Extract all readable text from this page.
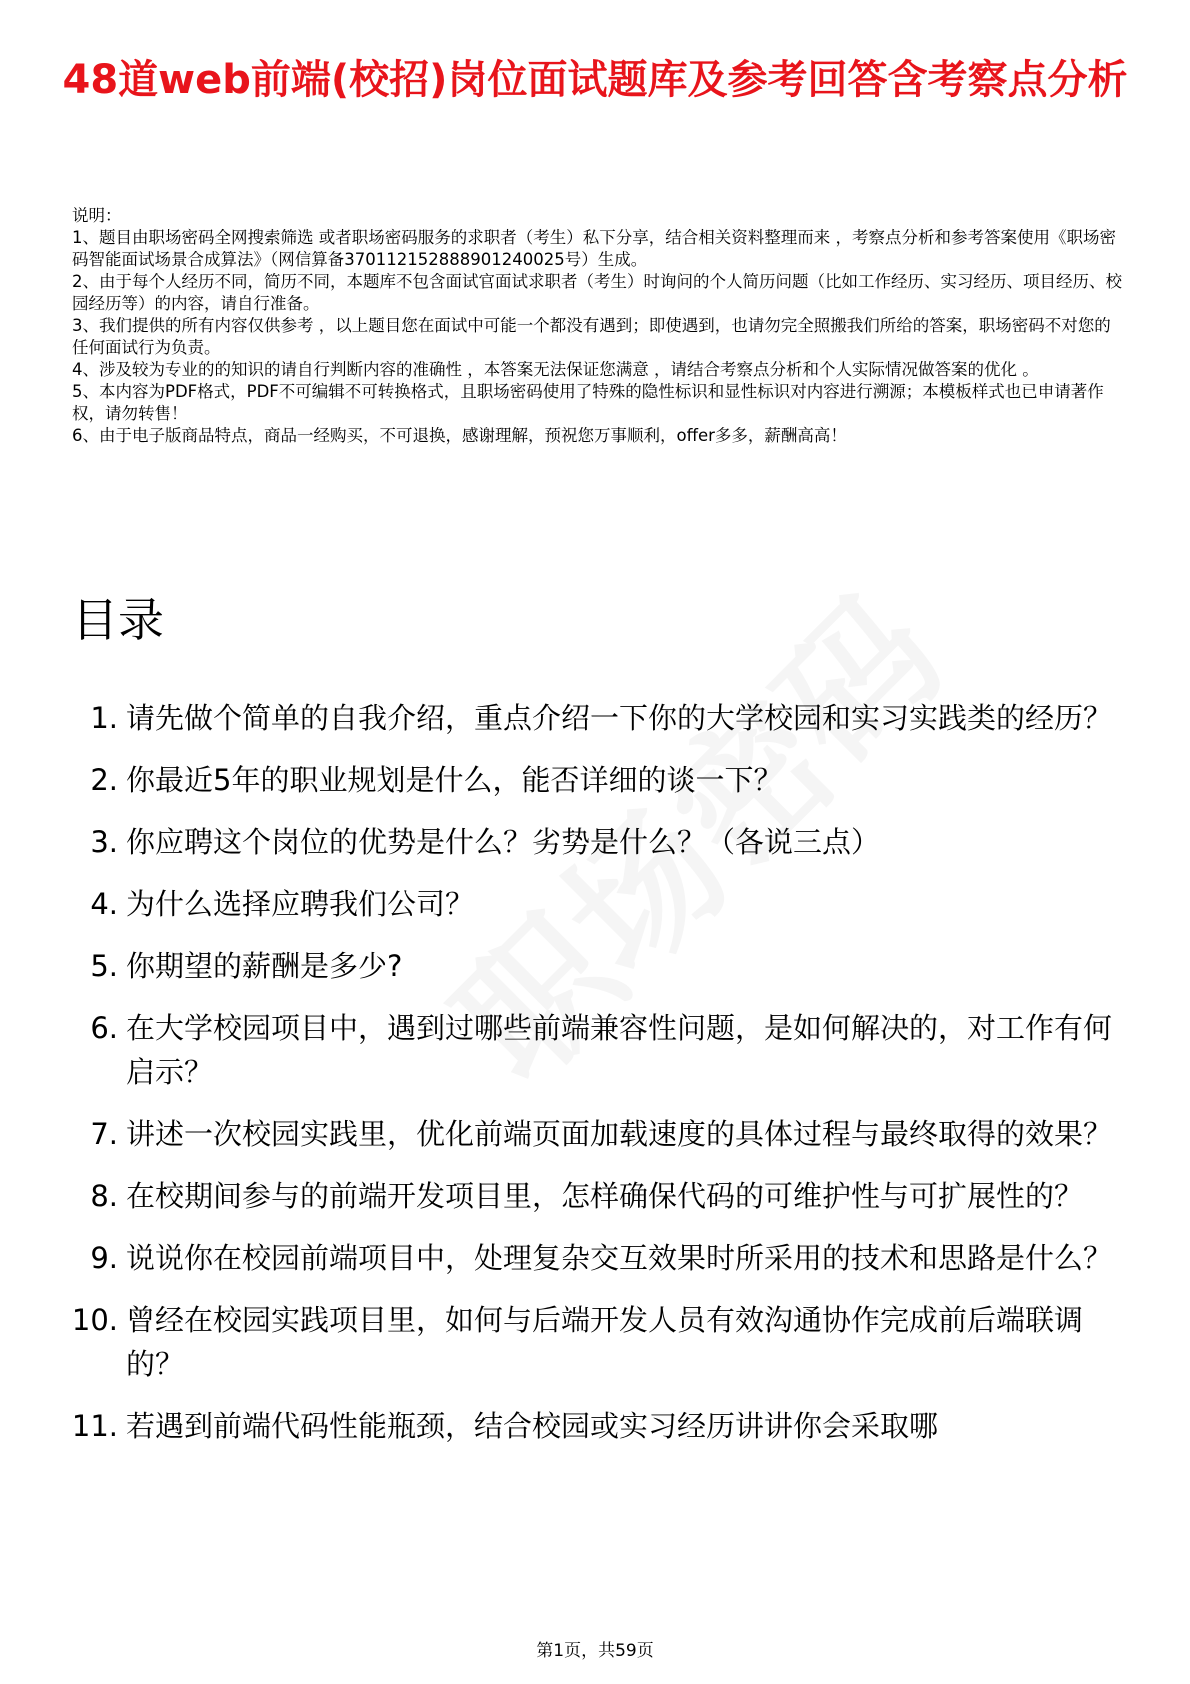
48道web前端(校招)岗位面试题库及参考回答含考察点分析

说明：

1、题目由职场密码全网搜索筛选 或者职场密码服务的求职者（考生）私下分享，结合相关资料整理而来 ，考察点分析和参考答案使用《职场密码智能面试场景合成算法》（网信算备370112152888901240025号）生成。

2、由于每个人经历不同，简历不同，本题库不包含面试官面试求职者（考生）时询问的个人简历问题（比如工作经历、实习经历、项目经历、校园经历等）的内容，请自行准备。

3、我们提供的所有内容仅供参考 ，以上题目您在面试中可能一个都没有遇到；即使遇到，也请勿完全照搬我们所给的答案，职场密码不对您的任何面试行为负责。

4、涉及较为专业的的知识的请自行判断内容的准确性 ，本答案无法保证您满意 ，请结合考察点分析和个人实际情况做答案的优化 。

5、本内容为PDF格式，PDF不可编辑不可转换格式，且职场密码使用了特殊的隐性标识和显性标识对内容进行溯源；本模板样式也已申请著作权，请勿转售！

6、由于电子版商品特点，商品一经购买，不可退换，感谢理解，预祝您万事顺利，offer多多，薪酬高高！

目录
1. 请先做个简单的自我介绍，重点介绍一下你的大学校园和实习实践类的经历？
2. 你最近5年的职业规划是什么，能否详细的谈一下？
3. 你应聘这个岗位的优势是什么？劣势是什么？（各说三点）
4. 为什么选择应聘我们公司？
5. 你期望的薪酬是多少?
6. 在大学校园项目中，遇到过哪些前端兼容性问题，是如何解决的，对工作有何启示？
7. 讲述一次校园实践里，优化前端页面加载速度的具体过程与最终取得的效果？
8. 在校期间参与的前端开发项目里，怎样确保代码的可维护性与可扩展性的？
9. 说说你在校园前端项目中，处理复杂交互效果时所采用的技术和思路是什么？
10. 曾经在校园实践项目里，如何与后端开发人员有效沟通协作完成前后端联调的？
11. 若遇到前端代码性能瓶颈，结合校园或实习经历讲讲你会采取哪
第1页，共59页
